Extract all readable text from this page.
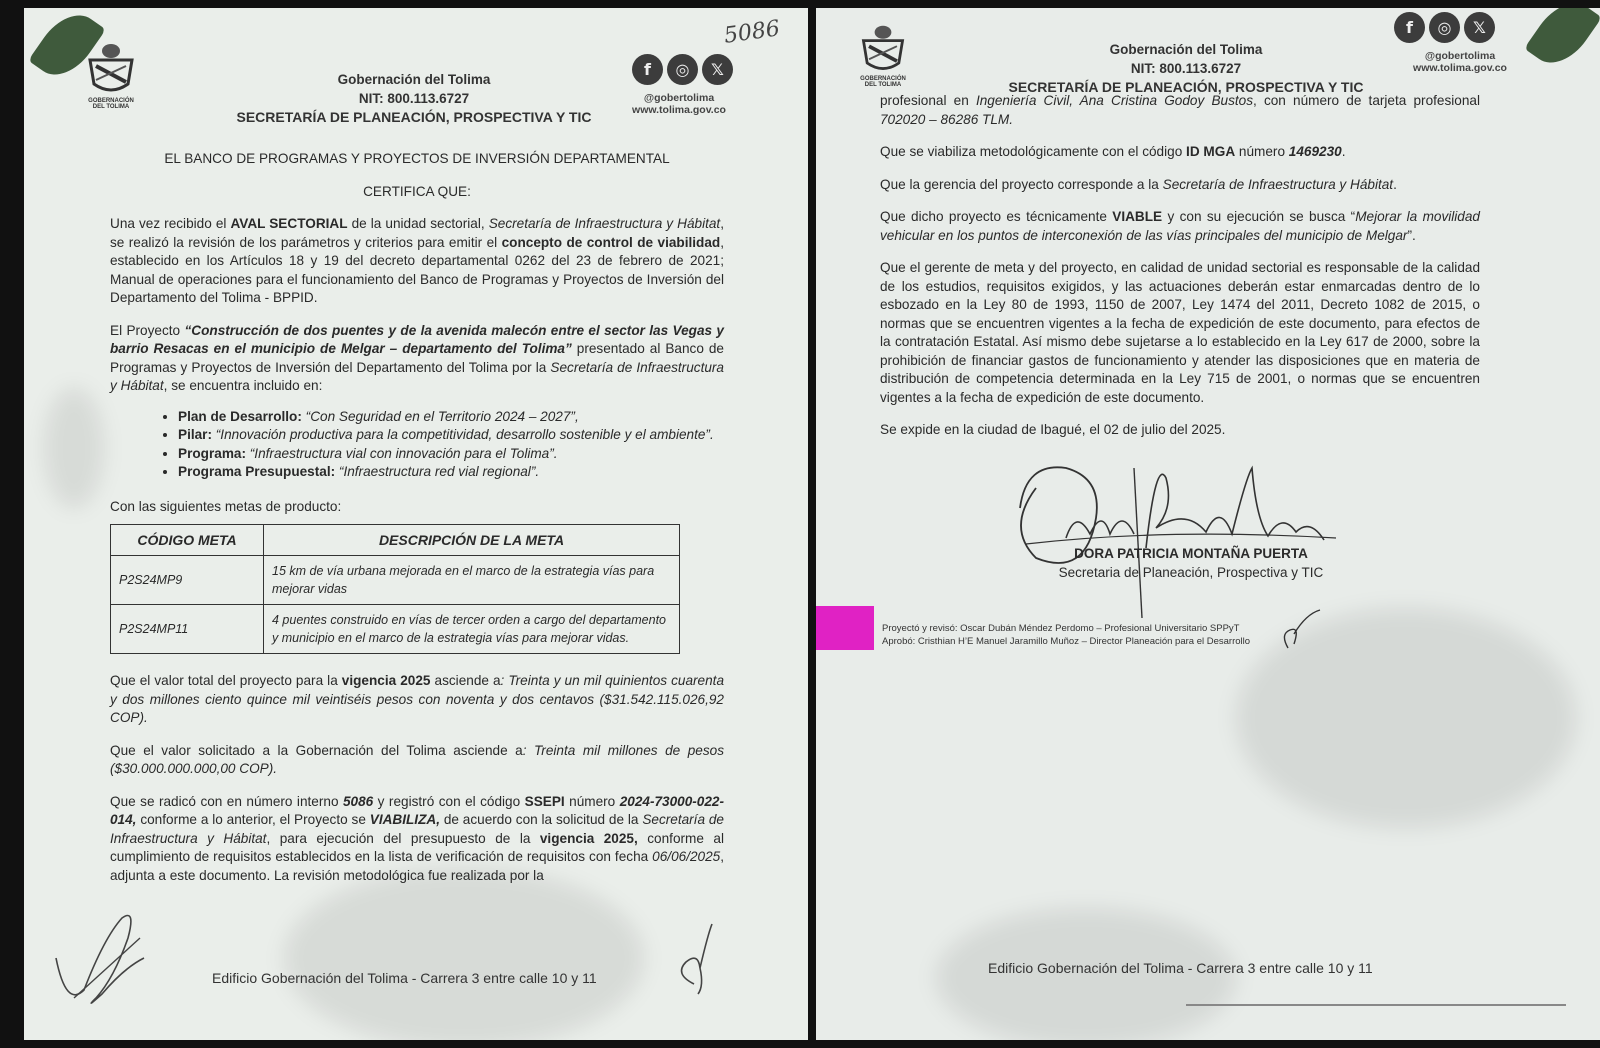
GOBERNACIÓN
DEL TOLIMA
Gobernación del Tolima
NIT: 800.113.6727
SECRETARÍA DE PLANEACIÓN, PROSPECTIVA Y TIC
f	◎	𝕏
@gobertolima
www.tolima.gov.co
5086

EL BANCO DE PROGRAMAS Y PROYECTOS DE INVERSIÓN DEPARTAMENTAL

CERTIFICA QUE:

Una vez recibido el AVAL SECTORIAL de la unidad sectorial, Secretaría de Infraestructura y Hábitat, se realizó la revisión de los parámetros y criterios para emitir el concepto de control de viabilidad, establecido en los Artículos 18 y 19 del decreto departamental 0262 del 23 de febrero de 2021; Manual de operaciones para el funcionamiento del Banco de Programas y Proyectos de Inversión del Departamento del Tolima - BPPID.

El Proyecto “Construcción de dos puentes y de la avenida malecón entre el sector las Vegas y barrio Resacas en el municipio de Melgar – departamento del Tolima” presentado al Banco de Programas y Proyectos de Inversión del Departamento del Tolima por la Secretaría de Infraestructura y Hábitat, se encuentra incluido en:

• Plan de Desarrollo: “Con Seguridad en el Territorio 2024 – 2027”,
• Pilar: “Innovación productiva para la competitividad, desarrollo sostenible y el ambiente”.
• Programa: “Infraestructura vial con innovación para el Tolima”.
• Programa Presupuestal: “Infraestructura red vial regional”.

Con las siguientes metas de producto:

CÓDIGO META	DESCRIPCIÓN DE LA META
P2S24MP9	15 km de vía urbana mejorada en el marco de la estrategia vías para mejorar vidas
P2S24MP11	4 puentes construido en vías de tercer orden a cargo del departamento y municipio en el marco de la estrategia vías para mejorar vidas.

Que el valor total del proyecto para la vigencia 2025 asciende a: Treinta y un mil quinientos cuarenta y dos millones ciento quince mil veintiséis pesos con noventa y dos centavos ($31.542.115.026,92 COP).

Que el valor solicitado a la Gobernación del Tolima asciende a: Treinta mil millones de pesos ($30.000.000.000,00 COP).

Que se radicó con en número interno 5086 y registró con el código SSEPI número 2024-73000-022-014, conforme a lo anterior, el Proyecto se VIABILIZA, de acuerdo con la solicitud de la Secretaría de Infraestructura y Hábitat, para ejecución del presupuesto de la vigencia 2025, conforme al cumplimiento de requisitos establecidos en la lista de verificación de requisitos con fecha 06/06/2025, adjunta a este documento. La revisión metodológica fue realizada por la

Edificio Gobernación del Tolima - Carrera 3 entre calle 10 y 11
GOBERNACIÓN
DEL TOLIMA
Gobernación del Tolima
NIT: 800.113.6727
SECRETARÍA DE PLANEACIÓN, PROSPECTIVA Y TIC
f	◎	𝕏
@gobertolima
www.tolima.gov.co

profesional en Ingeniería Civil, Ana Cristina Godoy Bustos, con número de tarjeta profesional 702020 – 86286 TLM.

Que se viabiliza metodológicamente con el código ID MGA número 1469230.

Que la gerencia del proyecto corresponde a la Secretaría de Infraestructura y Hábitat.

Que dicho proyecto es técnicamente VIABLE y con su ejecución se busca “Mejorar la movilidad vehicular en los puntos de interconexión de las vías principales del municipio de Melgar”.

Que el gerente de meta y del proyecto, en calidad de unidad sectorial es responsable de la calidad de los estudios, requisitos exigidos, y las actuaciones deberán estar enmarcadas dentro de lo esbozado en la Ley 80 de 1993, 1150 de 2007, Ley 1474 del 2011, Decreto 1082 de 2015, o normas que se encuentren vigentes a la fecha de expedición de este documento, para efectos de la contratación Estatal. Así mismo debe sujetarse a lo establecido en la Ley 617 de 2000, sobre la prohibición de financiar gastos de funcionamiento y atender las disposiciones que en materia de distribución de competencia determinada en la Ley 715 de 2001, o normas que se encuentren vigentes a la fecha de expedición de este documento.

Se expide en la ciudad de Ibagué, el 02 de julio del 2025.

DORA PATRICIA MONTAÑA PUERTA
Secretaria de Planeación, Prospectiva y TIC
Proyectó y revisó: Oscar Dubán Méndez Perdomo – Profesional Universitario SPPyT
Aprobó: Cristhian H’E Manuel Jaramillo Muñoz – Director Planeación para el Desarrollo
Edificio Gobernación del Tolima - Carrera 3 entre calle 10 y 11
